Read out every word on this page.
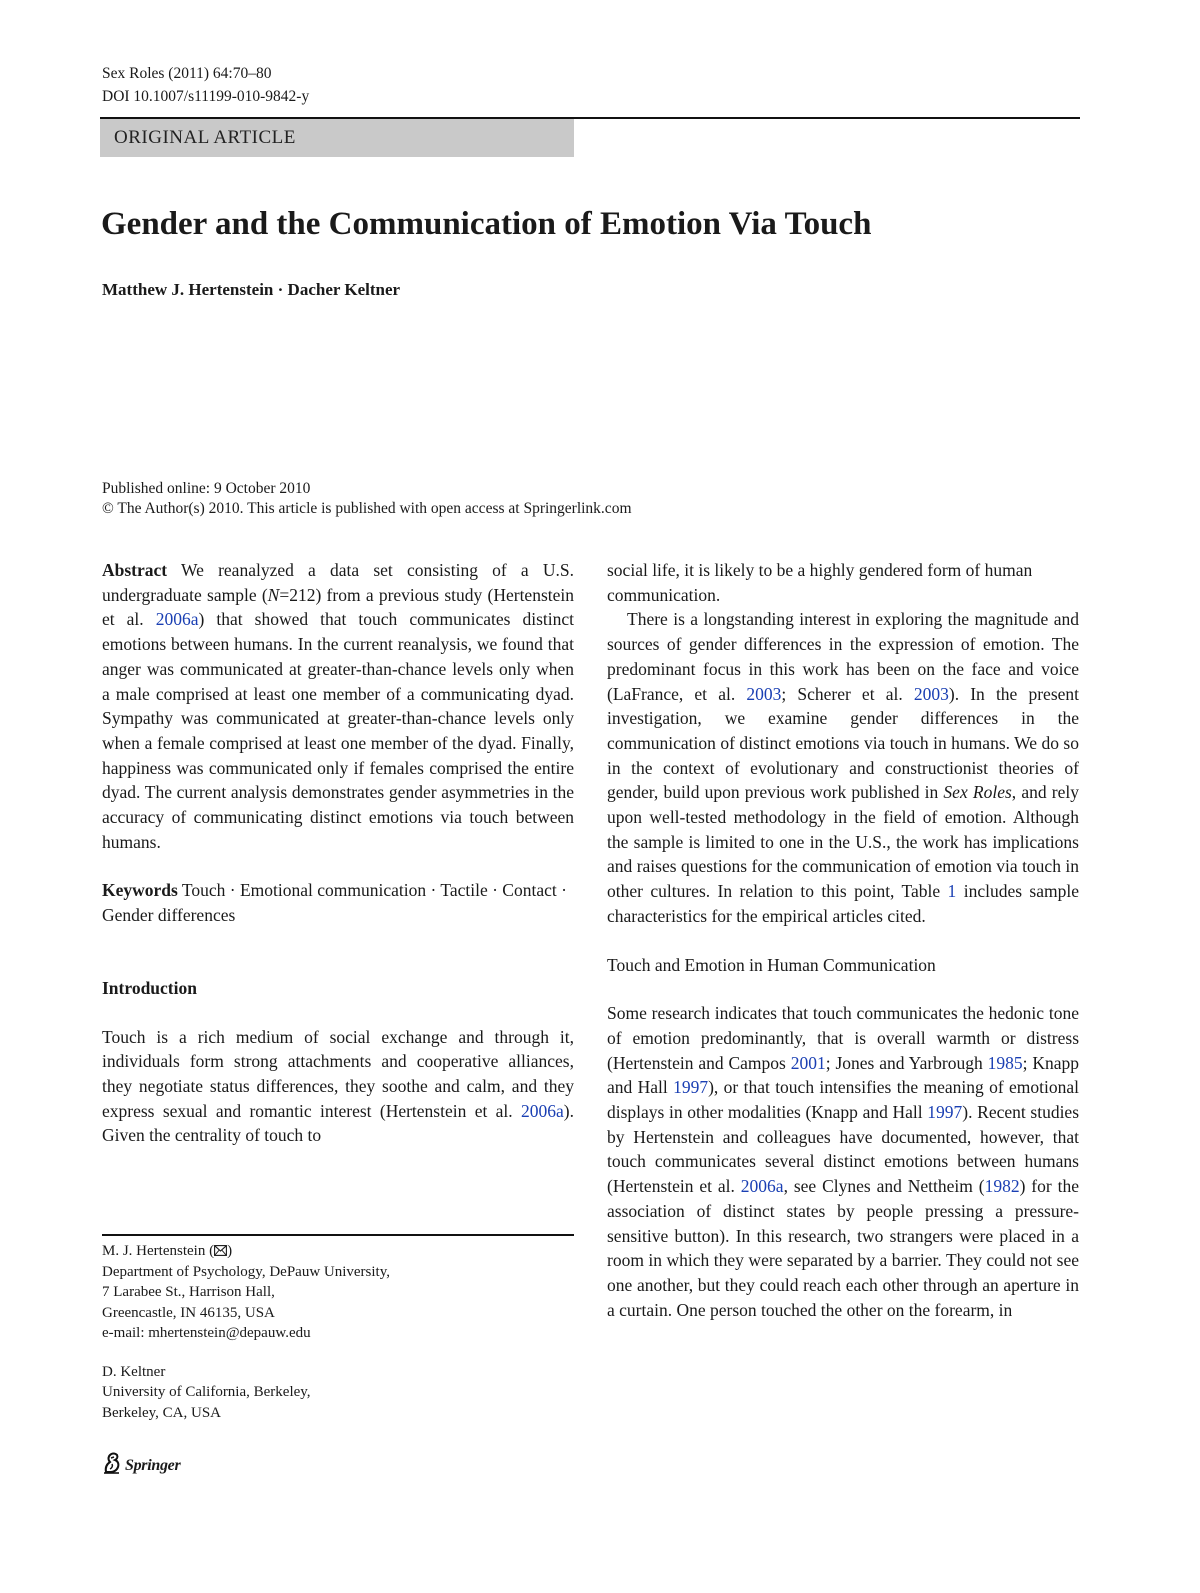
Sex Roles (2011) 64:70–80
DOI 10.1007/s11199-010-9842-y
ORIGINAL ARTICLE
Gender and the Communication of Emotion Via Touch
Matthew J. Hertenstein · Dacher Keltner
Published online: 9 October 2010
© The Author(s) 2010. This article is published with open access at Springerlink.com

Abstract We reanalyzed a data set consisting of a U.S. undergraduate sample (N=212) from a previous study (Hertenstein et al. 2006a) that showed that touch communicates distinct emotions between humans. In the current reanalysis, we found that anger was communicated at greater-than-chance levels only when a male comprised at least one member of a communicating dyad. Sympathy was communicated at greater-than-chance levels only when a female comprised at least one member of the dyad. Finally, happiness was communicated only if females comprised the entire dyad. The current analysis demonstrates gender asymmetries in the accuracy of communicating distinct emotions via touch between humans.

Keywords Touch · Emotional communication · Tactile · Contact · Gender differences

Introduction

Touch is a rich medium of social exchange and through it, individuals form strong attachments and cooperative alliances, they negotiate status differences, they soothe and calm, and they express sexual and romantic interest (Hertenstein et al. 2006a). Given the centrality of touch to

social life, it is likely to be a highly gendered form of human communication.

There is a longstanding interest in exploring the magnitude and sources of gender differences in the expression of emotion. The predominant focus in this work has been on the face and voice (LaFrance, et al. 2003; Scherer et al. 2003). In the present investigation, we examine gender differences in the communication of distinct emotions via touch in humans. We do so in the context of evolutionary and constructionist theories of gender, build upon previous work published in Sex Roles, and rely upon well-tested methodology in the field of emotion. Although the sample is limited to one in the U.S., the work has implications and raises questions for the communication of emotion via touch in other cultures. In relation to this point, Table 1 includes sample characteristics for the empirical articles cited.

Touch and Emotion in Human Communication

Some research indicates that touch communicates the hedonic tone of emotion predominantly, that is overall warmth or distress (Hertenstein and Campos 2001; Jones and Yarbrough 1985; Knapp and Hall 1997), or that touch intensifies the meaning of emotional displays in other modalities (Knapp and Hall 1997). Recent studies by Hertenstein and colleagues have documented, however, that touch communicates several distinct emotions between humans (Hertenstein et al. 2006a, see Clynes and Nettheim (1982) for the association of distinct states by people pressing a pressure-sensitive button). In this research, two strangers were placed in a room in which they were separated by a barrier. They could not see one another, but they could reach each other through an aperture in a curtain. One person touched the other on the forearm, in

M. J. Hertenstein ( )
Department of Psychology, DePauw University,
7 Larabee St., Harrison Hall,
Greencastle, IN 46135, USA
e-mail: mhertenstein@depauw.edu
D. Keltner
University of California, Berkeley,
Berkeley, CA, USA
Springer
